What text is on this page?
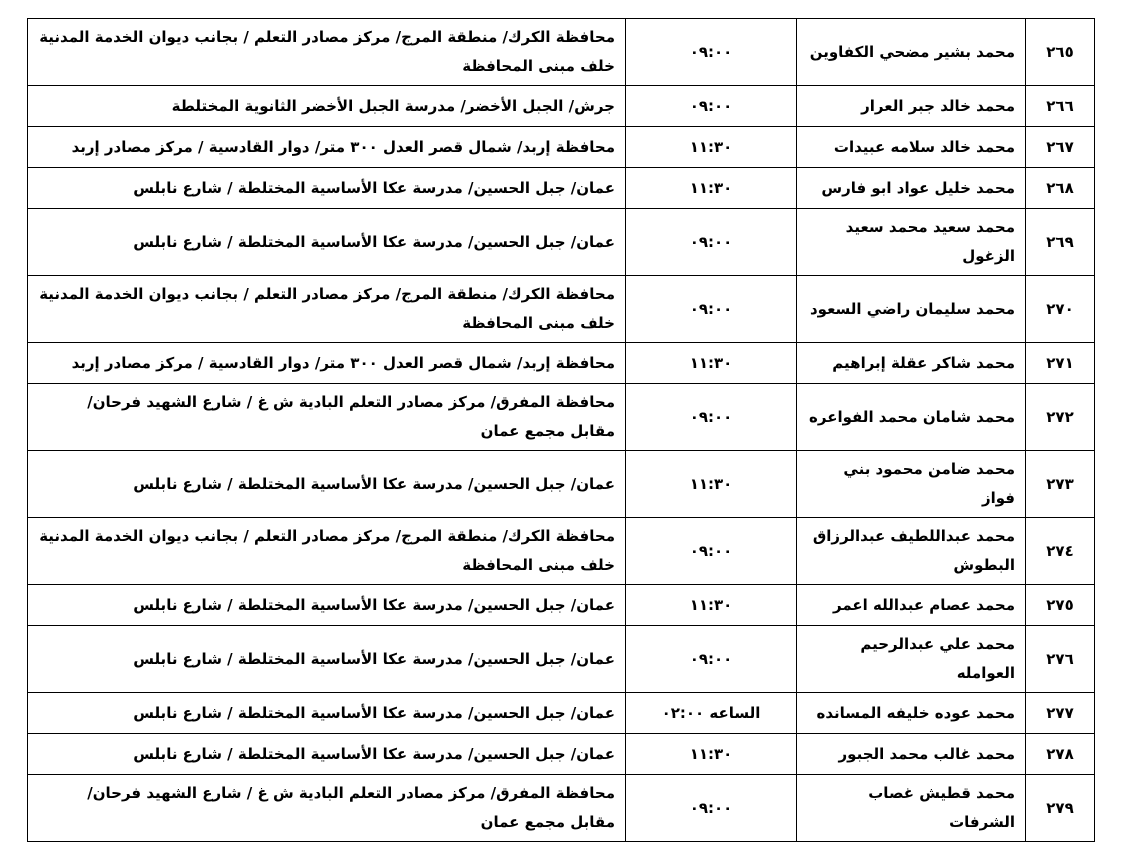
٢٦٥	محمد بشير مضحي الكفاوين	٠٩:٠٠	محافظة الكرك/ منطقة المرج/ مركز مصادر التعلم / بجانب ديوان الخدمة المدنية خلف مبنى المحافظة
٢٦٦	محمد خالد جبر العرار	٠٩:٠٠	جرش/ الجبل الأخضر/ مدرسة الجبل الأخضر الثانوية المختلطة
٢٦٧	محمد خالد سلامه عبيدات	١١:٣٠	محافظة إربد/ شمال قصر العدل ٣٠٠ متر/ دوار القادسية / مركز مصادر إربد
٢٦٨	محمد خليل عواد ابو فارس	١١:٣٠	عمان/ جبل الحسين/ مدرسة عكا الأساسية المختلطة / شارع نابلس
٢٦٩	محمد سعيد محمد سعيد الزغول	٠٩:٠٠	عمان/ جبل الحسين/ مدرسة عكا الأساسية المختلطة / شارع نابلس
٢٧٠	محمد سليمان راضي السعود	٠٩:٠٠	محافظة الكرك/ منطقة المرج/ مركز مصادر التعلم / بجانب ديوان الخدمة المدنية خلف مبنى المحافظة
٢٧١	محمد شاكر عقلة إبراهيم	١١:٣٠	محافظة إربد/ شمال قصر العدل ٣٠٠ متر/ دوار القادسية / مركز مصادر إربد
٢٧٢	محمد شامان محمد الفواعره	٠٩:٠٠	محافظة المفرق/ مركز مصادر التعلم البادية ش غ / شارع الشهيد فرحان/ مقابل مجمع عمان
٢٧٣	محمد ضامن محمود بني فواز	١١:٣٠	عمان/ جبل الحسين/ مدرسة عكا الأساسية المختلطة / شارع نابلس
٢٧٤	محمد عبداللطيف عبدالرزاق البطوش	٠٩:٠٠	محافظة الكرك/ منطقة المرج/ مركز مصادر التعلم / بجانب ديوان الخدمة المدنية خلف مبنى المحافظة
٢٧٥	محمد عصام عبدالله اعمر	١١:٣٠	عمان/ جبل الحسين/ مدرسة عكا الأساسية المختلطة / شارع نابلس
٢٧٦	محمد علي عبدالرحيم العوامله	٠٩:٠٠	عمان/ جبل الحسين/ مدرسة عكا الأساسية المختلطة / شارع نابلس
٢٧٧	محمد عوده خليفه المسانده	الساعه ٠٢:٠٠	عمان/ جبل الحسين/ مدرسة عكا الأساسية المختلطة / شارع نابلس
٢٧٨	محمد غالب محمد الجبور	١١:٣٠	عمان/ جبل الحسين/ مدرسة عكا الأساسية المختلطة / شارع نابلس
٢٧٩	محمد قطيش غصاب الشرفات	٠٩:٠٠	محافظة المفرق/ مركز مصادر التعلم البادية ش غ / شارع الشهيد فرحان/ مقابل مجمع عمان
